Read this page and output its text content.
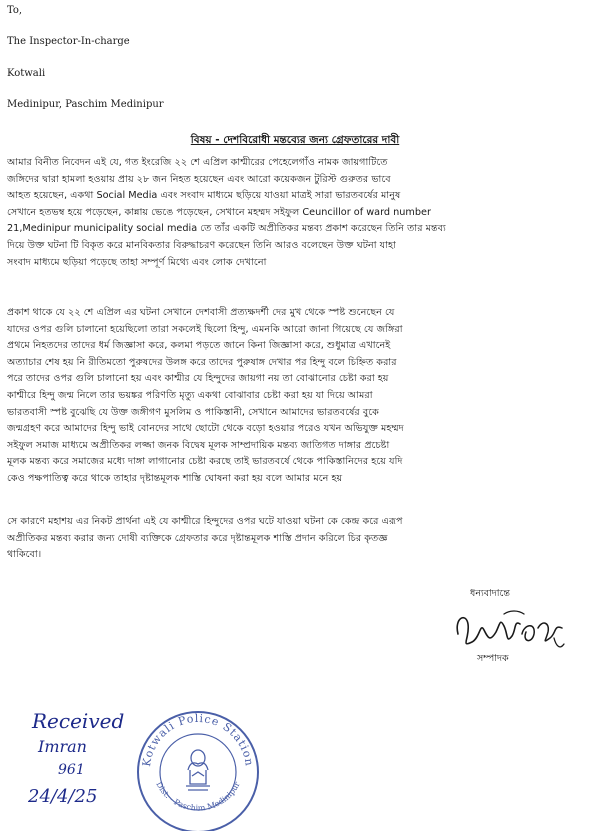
To,
The Inspector-In-charge
Kotwali
Medinipur, Paschim Medinipur
বিষয় - দেশবিরোধী মন্তব্যের জন্য গ্রেফতারের দাবী
আমার বিনীত নিবেদন এই যে, গত ইংরেজি ২২ শে এপ্রিল কাশ্মীরের পেহেলেগাঁও নামক জায়গাটিতে
জঙ্গিদের দ্বারা হামলা হওয়ায় প্রায় ২৮ জন নিহত হয়েছেন এবং আরো কয়েকজন টুরিস্ট গুরুতর ভাবে
আহত হয়েছেন, একথা Social Media এবং সংবাদ মাধ্যমে ছড়িয়ে যাওয়া মাত্রই সারা ভারতবর্ষের মানুষ
সেখানে হতভম্ব হয়ে পড়েছেন, কান্নায় ভেঙে পড়েছেন, সেখানে মহম্মদ সইফুল Ceuncillor of ward number
21,Medinipur municipality social media তে তাঁর একটি অপ্রীতিকর মন্তব্য প্রকাশ করেছেন তিনি তার মন্তব্য
দিয়ে উক্ত ঘটনা টি বিকৃত করে মানবিকতার বিরুদ্ধাচরণ করেছেন তিনি আরও বলেছেন উক্ত ঘটনা যাহা
সংবাদ মাধ্যমে ছড়িয়া পড়েছে তাহা সম্পূর্ণ মিথ্যে এবং লোক দেখানো
প্রকাশ থাকে যে ২২ শে এপ্রিল এর ঘটনা সেখানে দেশবাসী প্রত্যক্ষদর্শী দের মুখ থেকে স্পষ্ট শুনেছেন যে
যাদের ওপর গুলি চালানো হয়েছিলো তারা সকলেই ছিলো হিন্দু, এমনকি আরো জানা গিয়েছে যে জঙ্গিরা
প্রথমে নিহতদের তাদের ধর্ম জিজ্ঞাসা করে, কলমা পড়তে জানে কিনা জিজ্ঞাসা করে, শুধুমাত্র এখানেই
অত্যাচার শেষ হয় নি রীতিমতো পুরুষদের উলঙ্গ করে তাদের পুরুষাঙ্গ দেখার পর হিন্দু বলে চিহ্নিত করার
পরে তাদের ওপর গুলি চালানো হয় এবং কাশ্মীর যে হিন্দুদের জায়গা নয় তা বোঝানোর চেষ্টা করা হয়
কাশ্মীরে হিন্দু জন্ম নিলে তার ভয়ঙ্কর পরিণতি মৃত্যু একথা বোঝাবার চেষ্টা করা হয় যা দিয়ে আমরা
ভারতবাসী স্পষ্ট বুঝেছি যে উক্ত জঙ্গীগণ মুসলিম ও পাকিস্তানী, সেখানে আমাদের ভারতবর্ষের বুকে
জন্মগ্রহণ করে আমাদের হিন্দু ভাই বোনদের সাথে ছোটো থেকে বড়ো হওয়ার পরেও যখন অভিযুক্ত মহম্মদ
সইফুল সমাজ মাধ্যমে অপ্রীতিকর লজ্জা জনক বিদ্বেষ মূলক সাম্প্রদায়িক মন্তব্য জাতিগত দাঙ্গার প্রচেষ্টা
মূলক মন্তব্য করে সমাজের মধ্যে দাঙ্গা লাগানোর চেষ্টা করছে তাই ভারতবর্ষে থেকে পাকিস্তানিদের হয়ে যদি
কেও পক্ষপাতিত্ব করে থাকে তাহার দৃষ্টান্তমূলক শাস্তি ঘোষনা করা হয় বলে আমার মনে হয়
সে কারণে মহাশয় এর নিকট প্রার্থনা এই যে কাশ্মীরে হিন্দুদের ওপর ঘটে যাওয়া ঘটনা কে কেন্দ্র করে এরূপ
অপ্রীতিকর মন্তব্য করার জন্য দোষী ব্যক্তিকে গ্রেফতার করে দৃষ্টান্তমূলক শাস্তি প্রদান করিলে চির কৃতজ্ঞ
থাকিবো।
ধন্যবাদান্তে
সম্পাদক
Received
Imran
961
24/4/25
Kotwali Police Station
Dist. - Paschim Medinipur
